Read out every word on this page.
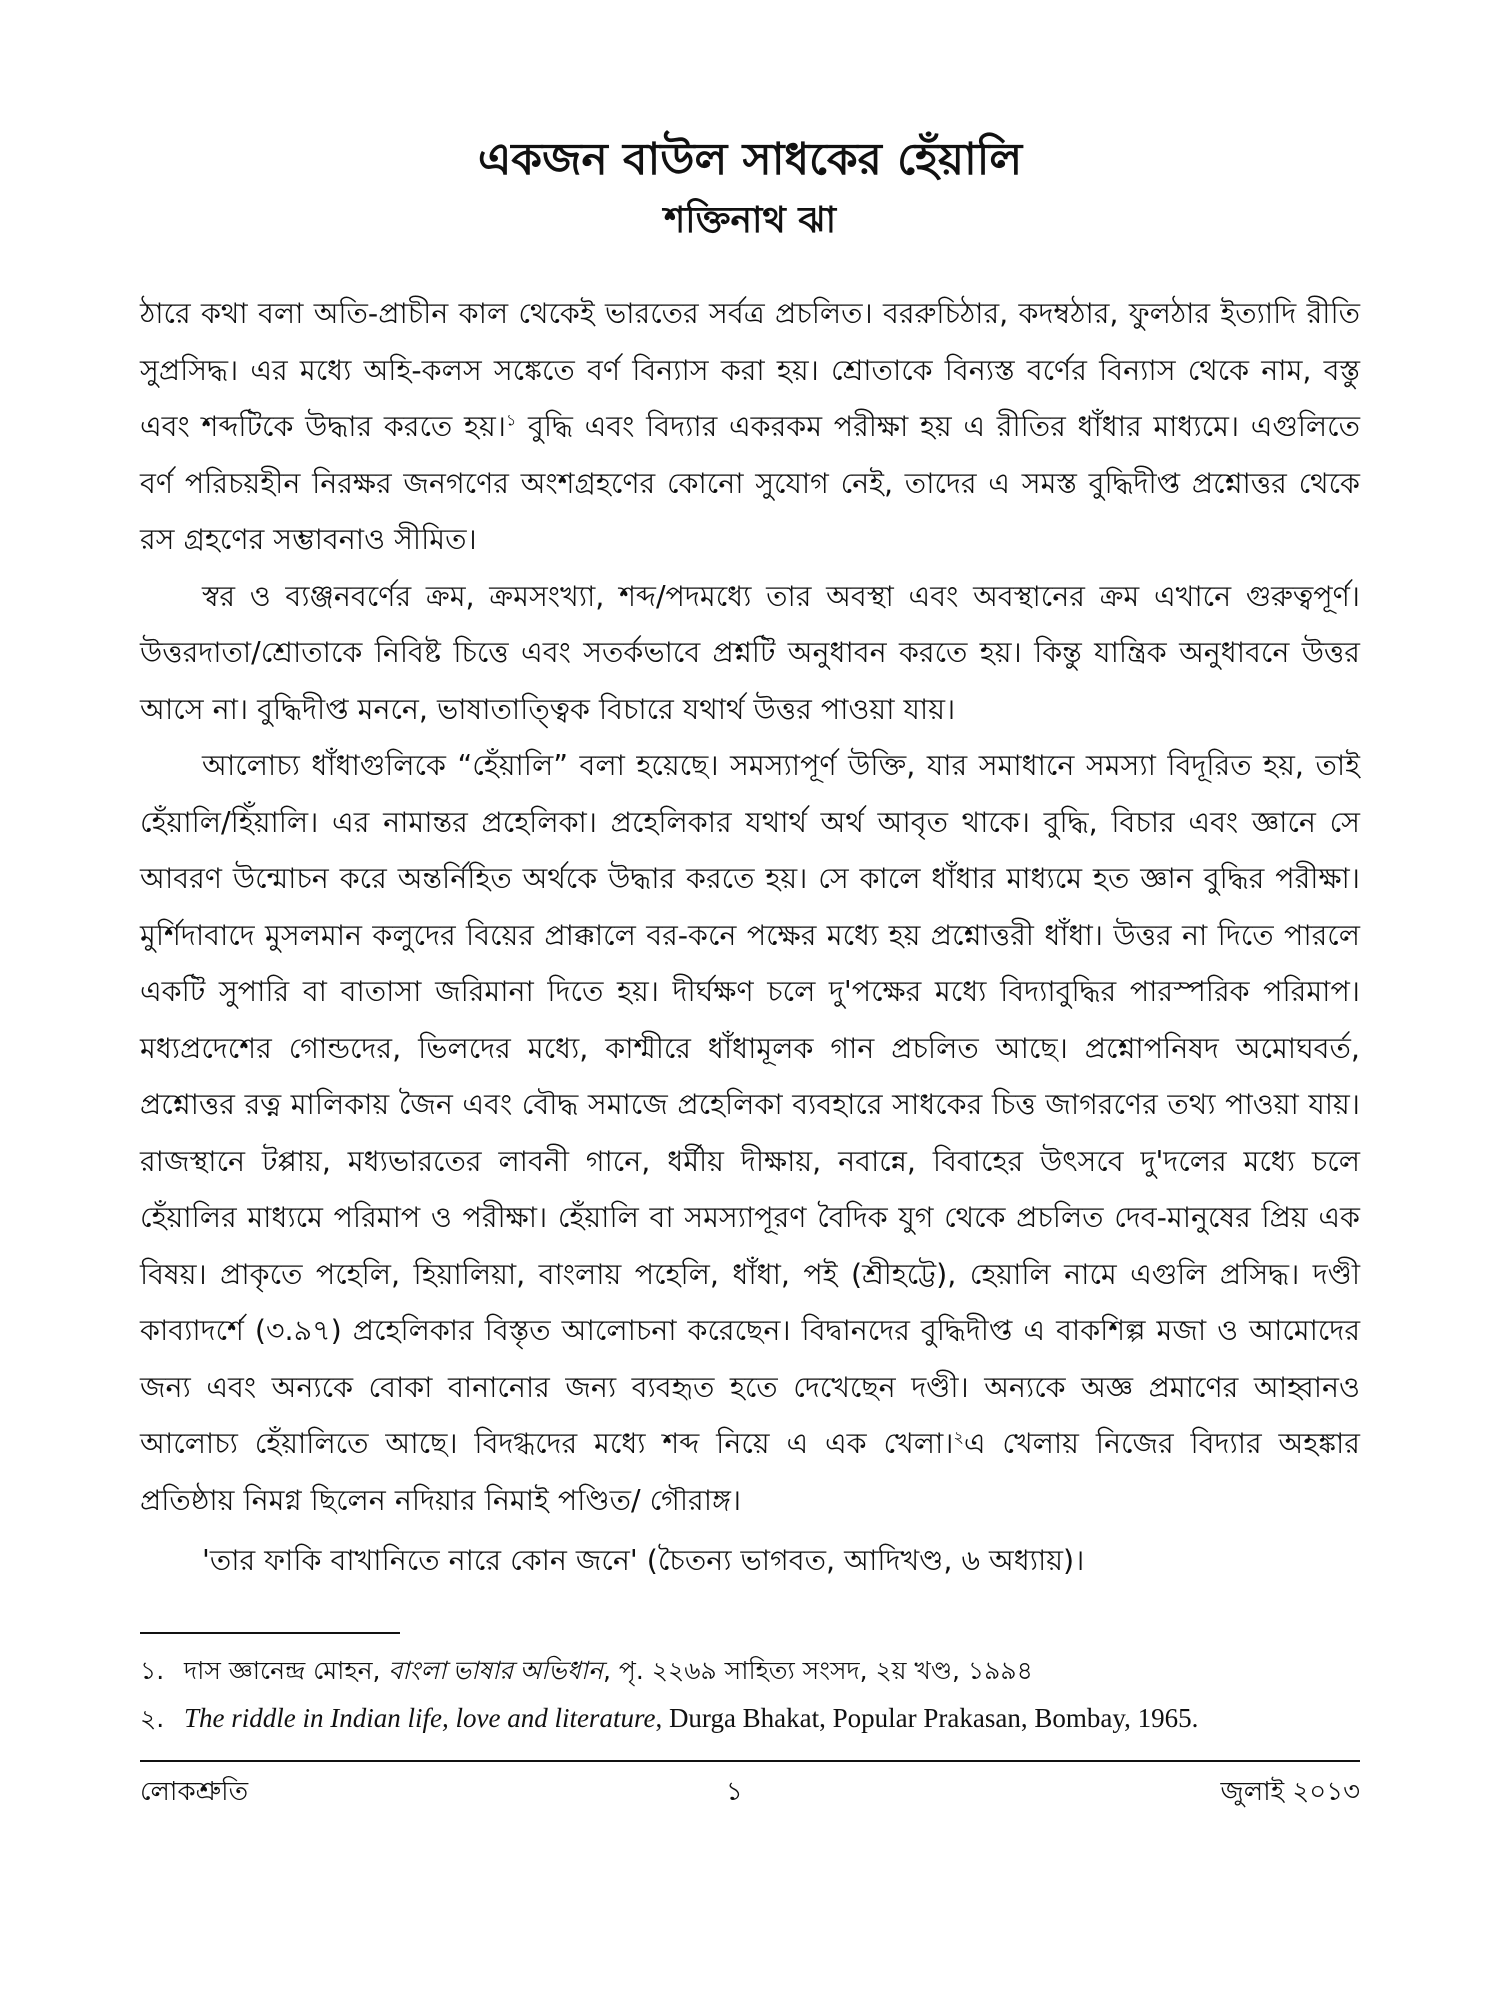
একজন বাউল সাধকের হেঁয়ালি
শক্তিনাথ ঝা

ঠারে কথা বলা অতি-প্রাচীন কাল থেকেই ভারতের সর্বত্র প্রচলিত। বররুচিঠার, কদম্বঠার, ফুলঠার ইত্যাদি রীতি সুপ্রসিদ্ধ। এর মধ্যে অহি-কলস সঙ্কেতে বর্ণ বিন্যাস করা হয়। শ্রোতাকে বিন্যস্ত বর্ণের বিন্যাস থেকে নাম, বস্তু এবং শব্দটিকে উদ্ধার করতে হয়।$^১$ বুদ্ধি এবং বিদ্যার একরকম পরীক্ষা হয় এ রীতির ধাঁধার মাধ্যমে। এগুলিতে বর্ণ পরিচয়হীন নিরক্ষর জনগণের অংশগ্রহণের কোনো সুযোগ নেই, তাদের এ সমস্ত বুদ্ধিদীপ্ত প্রশ্নোত্তর থেকে রস গ্রহণের সম্ভাবনাও সীমিত।

স্বর ও ব্যঞ্জনবর্ণের ক্রম, ক্রমসংখ্যা, শব্দ/পদমধ্যে তার অবস্থা এবং অবস্থানের ক্রম এখানে গুরুত্বপূর্ণ। উত্তরদাতা/শ্রোতাকে নিবিষ্ট চিত্তে এবং সতর্কভাবে প্রশ্নটি অনুধাবন করতে হয়। কিন্তু যান্ত্রিক অনুধাবনে উত্তর আসে না। বুদ্ধিদীপ্ত মননে, ভাষাতাত্ত্বিক বিচারে যথার্থ উত্তর পাওয়া যায়।

আলোচ্য ধাঁধাগুলিকে “হেঁয়ালি” বলা হয়েছে। সমস্যাপূর্ণ উক্তি, যার সমাধানে সমস্যা বিদূরিত হয়, তাই হেঁয়ালি/হিঁয়ালি। এর নামান্তর প্রহেলিকা। প্রহেলিকার যথার্থ অর্থ আবৃত থাকে। বুদ্ধি, বিচার এবং জ্ঞানে সে আবরণ উন্মোচন করে অন্তর্নিহিত অর্থকে উদ্ধার করতে হয়। সে কালে ধাঁধার মাধ্যমে হত জ্ঞান বুদ্ধির পরীক্ষা। মুর্শিদাবাদে মুসলমান কলুদের বিয়ের প্রাক্কালে বর-কনে পক্ষের মধ্যে হয় প্রশ্নোত্তরী ধাঁধা। উত্তর না দিতে পারলে একটি সুপারি বা বাতাসা জরিমানা দিতে হয়। দীর্ঘক্ষণ চলে দু'পক্ষের মধ্যে বিদ্যাবুদ্ধির পারস্পরিক পরিমাপ। মধ্যপ্রদেশের গোন্ডদের, ভিলদের মধ্যে, কাশ্মীরে ধাঁধামূলক গান প্রচলিত আছে। প্রশ্নোপনিষদ অমোঘবর্ত, প্রশ্নোত্তর রত্ন মালিকায় জৈন এবং বৌদ্ধ সমাজে প্রহেলিকা ব্যবহারে সাধকের চিত্ত জাগরণের তথ্য পাওয়া যায়। রাজস্থানে টপ্পায়, মধ্যভারতের লাবনী গানে, ধর্মীয় দীক্ষায়, নবান্নে, বিবাহের উৎসবে দু'দলের মধ্যে চলে হেঁয়ালির মাধ্যমে পরিমাপ ও পরীক্ষা। হেঁয়ালি বা সমস্যাপূরণ বৈদিক যুগ থেকে প্রচলিত দেব-মানুষের প্রিয় এক বিষয়। প্রাকৃতে পহেলি, হিয়ালিয়া, বাংলায় পহেলি, ধাঁধা, পই (শ্রীহট্টে), হেয়ালি নামে এগুলি প্রসিদ্ধ। দণ্ডী কাব্যাদর্শে (৩.৯৭) প্রহেলিকার বিস্তৃত আলোচনা করেছেন। বিদ্বানদের বুদ্ধিদীপ্ত এ বাকশিল্প মজা ও আমোদের জন্য এবং অন্যকে বোকা বানানোর জন্য ব্যবহৃত হতে দেখেছেন দণ্ডী। অন্যকে অজ্ঞ প্রমাণের আহ্বানও আলোচ্য হেঁয়ালিতে আছে। বিদগ্ধদের মধ্যে শব্দ নিয়ে এ এক খেলা।$^২$এ খেলায় নিজের বিদ্যার অহঙ্কার প্রতিষ্ঠায় নিমগ্ন ছিলেন নদিয়ার নিমাই পণ্ডিত/ গৌরাঙ্গ।

'তার ফাকি বাখানিতে নারে কোন জনে' (চৈতন্য ভাগবত, আদিখণ্ড, ৬ অধ্যায়)।

১. দাস জ্ঞানেন্দ্র মোহন, বাংলা ভাষার অভিধান, পৃ. ২২৬৯ সাহিত্য সংসদ, ২য় খণ্ড, ১৯৯৪

২. The riddle in Indian life, love and literature, Durga Bhakat, Popular Prakasan, Bombay, 1965.

লোকশ্রুতি	১	জুলাই ২০১৩
